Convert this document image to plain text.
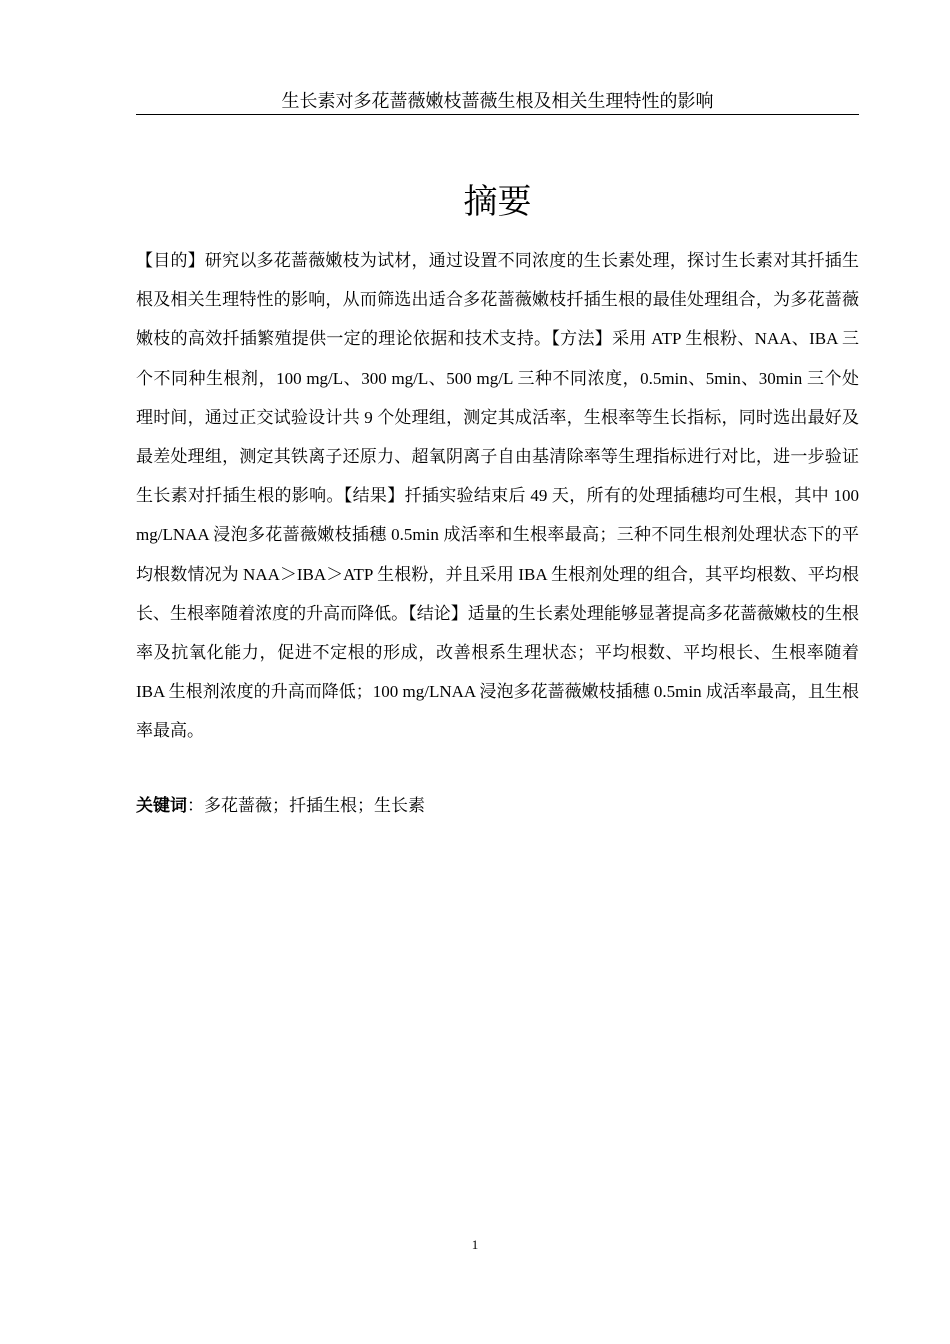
生长素对多花蔷薇嫩枝蔷薇生根及相关生理特性的影响
摘要

【目的】研究以多花蔷薇嫩枝为试材，通过设置不同浓度的生长素处理，探讨生长素对其扦插生根及相关生理特性的影响，从而筛选出适合多花蔷薇嫩枝扦插生根的最佳处理组合，为多花蔷薇嫩枝的高效扦插繁殖提供一定的理论依据和技术支持。【方法】采用 ATP 生根粉、NAA、IBA 三个不同种生根剂，100 mg/L、300 mg/L、500 mg/L 三种不同浓度，0.5min、5min、30min 三个处理时间，通过正交试验设计共 9 个处理组，测定其成活率，生根率等生长指标，同时选出最好及最差处理组，测定其铁离子还原力、超氧阴离子自由基清除率等生理指标进行对比，进一步验证生长素对扦插生根的影响。【结果】扦插实验结束后 49 天，所有的处理插穗均可生根，其中 100 mg/LNAA 浸泡多花蔷薇嫩枝插穗 0.5min 成活率和生根率最高；三种不同生根剂处理状态下的平均根数情况为 NAA＞IBA＞ATP 生根粉，并且采用 IBA 生根剂处理的组合，其平均根数、平均根长、生根率随着浓度的升高而降低。【结论】适量的生长素处理能够显著提高多花蔷薇嫩枝的生根率及抗氧化能力，促进不定根的形成，改善根系生理状态；平均根数、平均根长、生根率随着 IBA 生根剂浓度的升高而降低；100 mg/LNAA 浸泡多花蔷薇嫩枝插穗 0.5min 成活率最高，且生根率最高。

关键词：多花蔷薇；扦插生根；生长素

1
